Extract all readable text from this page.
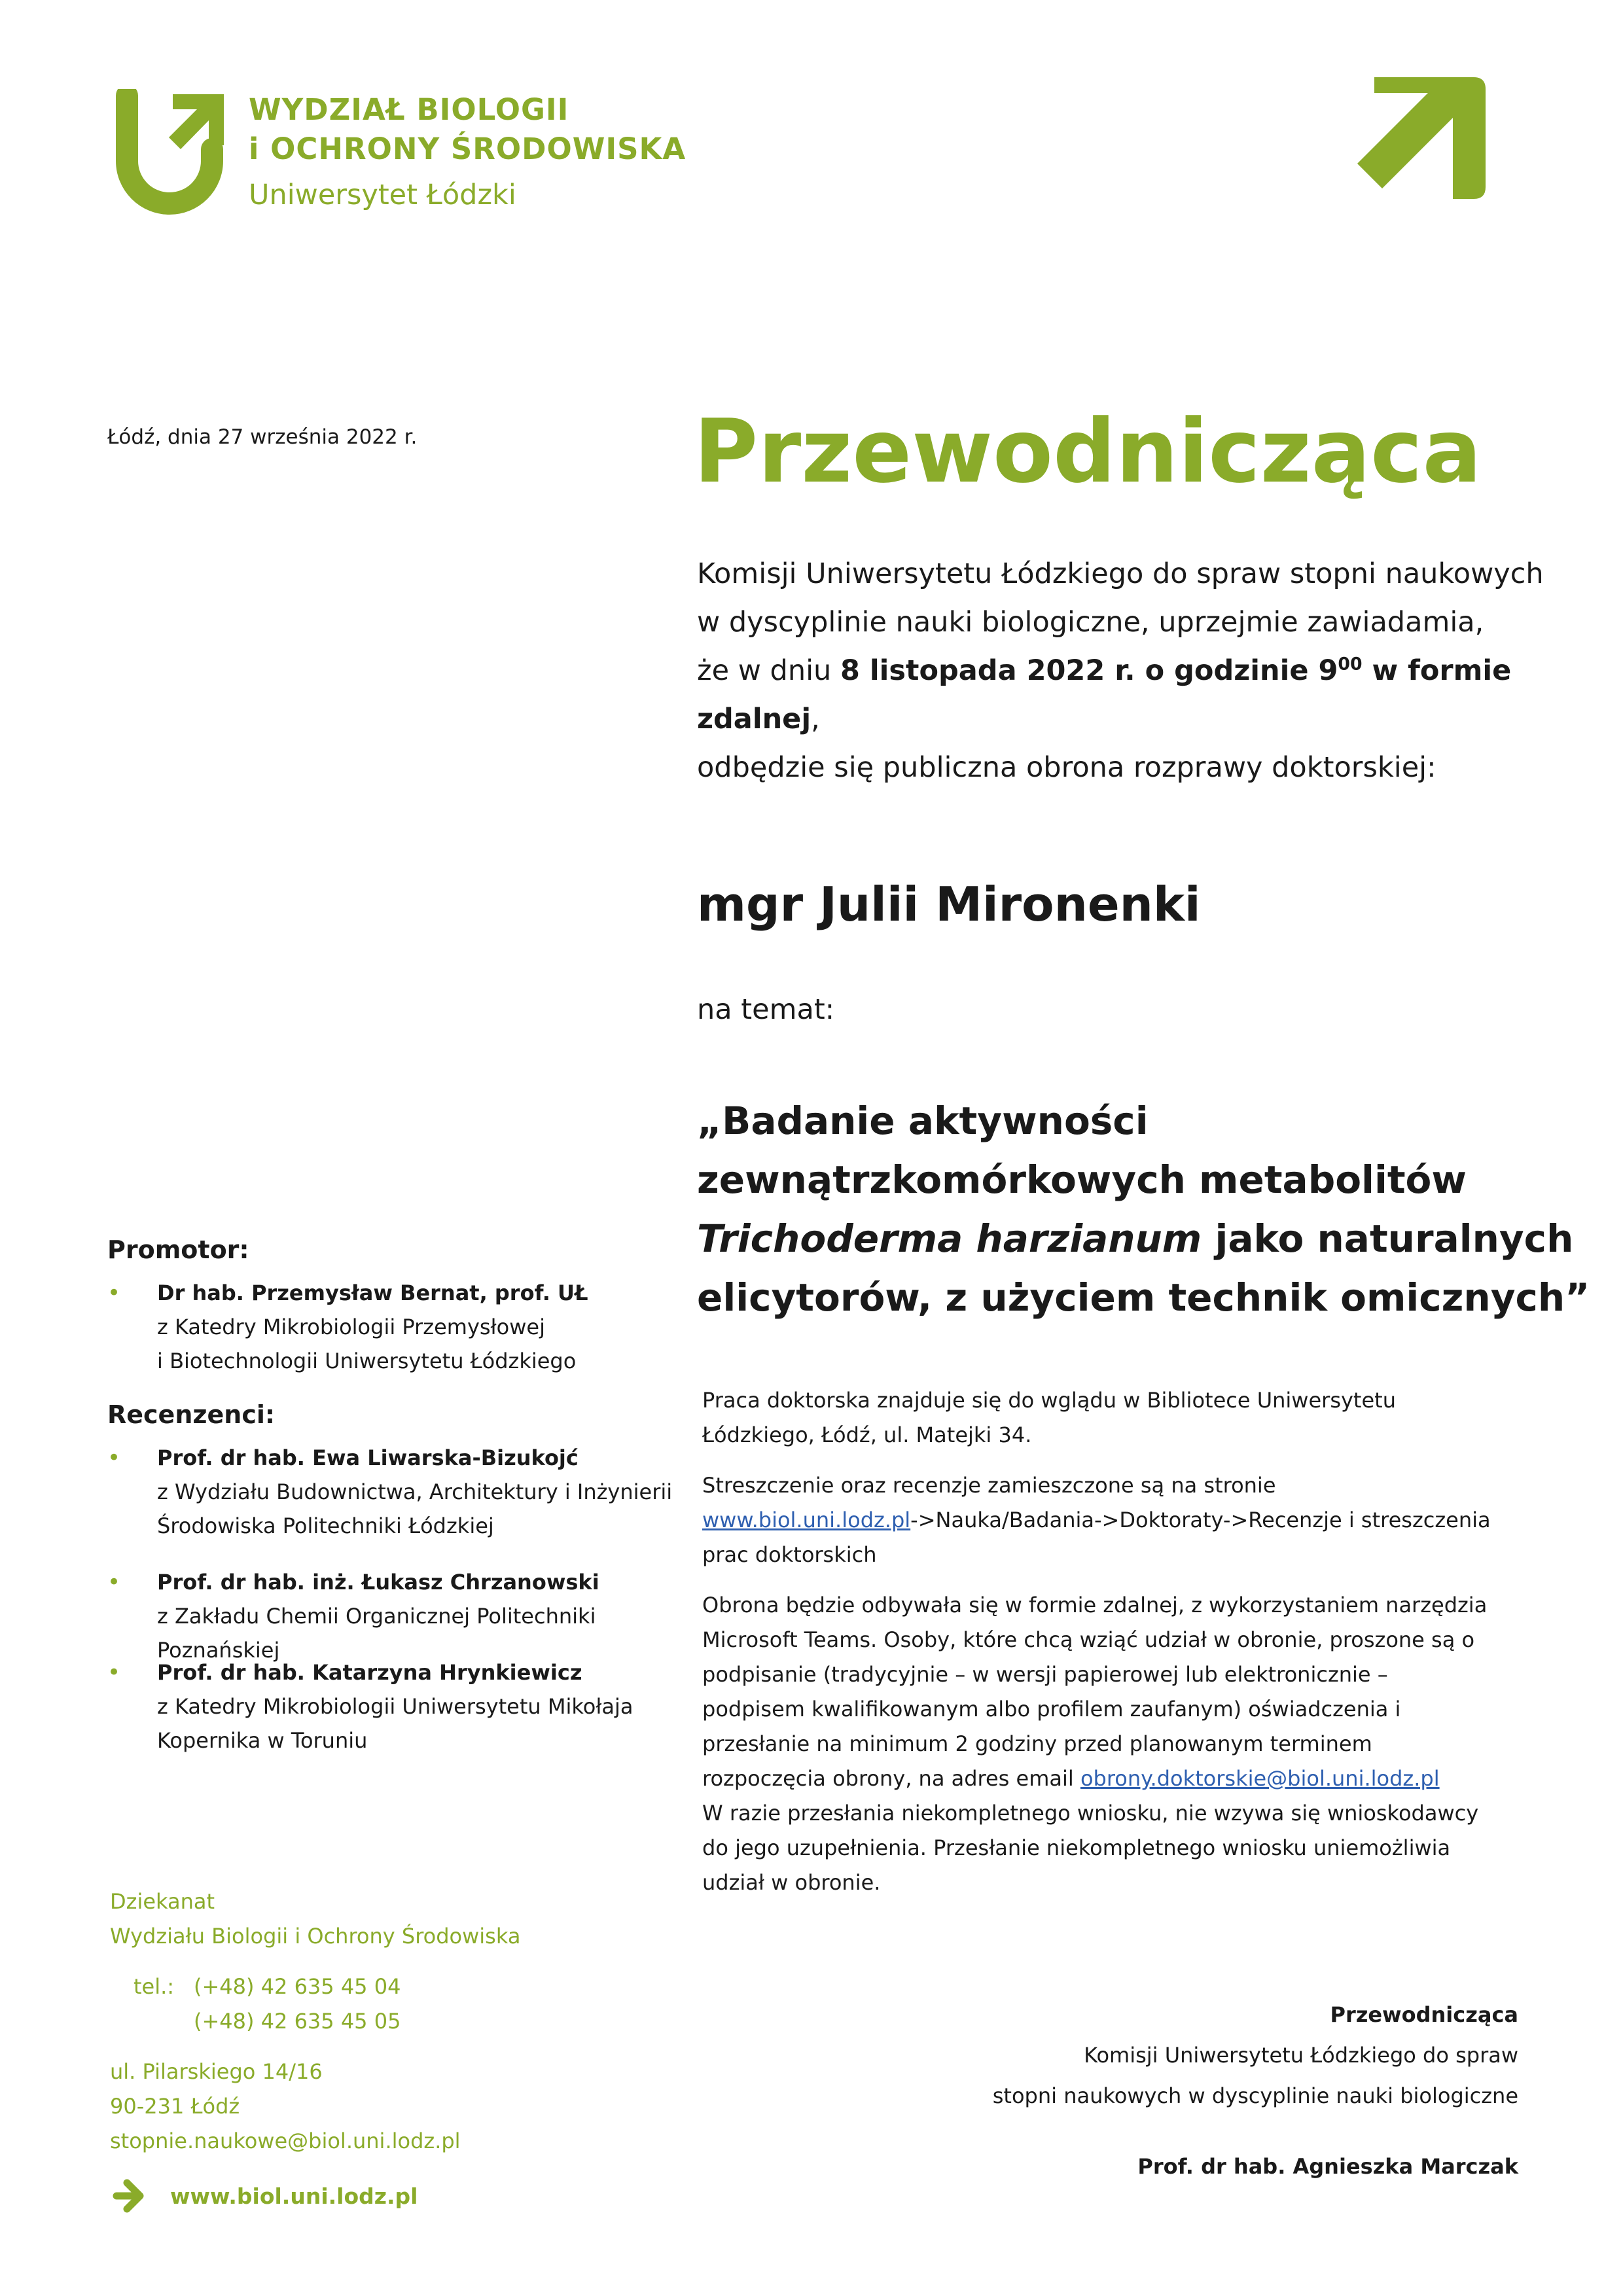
WYDZIAŁ BIOLOGII
i OCHRONY ŚRODOWISKA
Uniwersytet Łódzki
Łódź, dnia 27 września 2022 r.	Przewodnicząca

Komisji Uniwersytetu Łódzkiego do spraw stopni naukowych

w dyscyplinie nauki biologiczne, uprzejmie zawiadamia,

że w dniu 8 listopada 2022 r. o godzinie $9^{00}$ w formie zdalnej,

odbędzie się publiczna obrona rozprawy doktorskiej:

mgr Julii Mironenki
na temat:
„Badanie aktywności zewnątrzkomórkowych metabolitów Trichoderma harzianum jako naturalnych elicytorów, z użyciem technik omicznych”

Praca doktorska znajduje się do wglądu w Bibliotece Uniwersytetu Łódzkiego, Łódź, ul. Matejki 34.

Streszczenie oraz recenzje zamieszczone są na stronie www.biol.uni.lodz.pl->Nauka/Badania->Doktoraty->Recenzje i streszczenia prac doktorskich

Obrona będzie odbywała się w formie zdalnej, z wykorzystaniem narzędzia Microsoft Teams. Osoby, które chcą wziąć udział w obronie, proszone są o podpisanie (tradycyjnie – w wersji papierowej lub elektronicznie – podpisem kwalifikowanym albo profilem zaufanym) oświadczenia i przesłanie na minimum 2 godziny przed planowanym terminem rozpoczęcia obrony, na adres email obrony.doktorskie@biol.uni.lodz.pl

W razie przesłania niekompletnego wniosku, nie wzywa się wnioskodawcy do jego uzupełnienia. Przesłanie niekompletnego wniosku uniemożliwia udział w obronie.

Promotor:
•	Dr hab. Przemysław Bernat, prof. UŁ
z Katedry Mikrobiologii Przemysłowej
i Biotechnologii Uniwersytetu Łódzkiego
Recenzenci:
•	Prof. dr hab. Ewa Liwarska-Bizukojć
z Wydziału Budownictwa, Architektury i Inżynierii
Środowiska Politechniki Łódzkiej
•	Prof. dr hab. inż. Łukasz Chrzanowski
z Zakładu Chemii Organicznej Politechniki Poznańskiej
•	Prof. dr hab. Katarzyna Hrynkiewicz
z Katedry Mikrobiologii Uniwersytetu Mikołaja
Kopernika w Toruniu
Dziekanat
Wydziału Biologii i Ochrony Środowiska
tel.: (+48) 42 635 45 04
(+48) 42 635 45 05
ul. Pilarskiego 14/16
90-231 Łódź
stopnie.naukowe@biol.uni.lodz.pl
www.biol.uni.lodz.pl
Przewodnicząca
Komisji Uniwersytetu Łódzkiego do spraw
stopni naukowych w dyscyplinie nauki biologiczne
Prof. dr hab. Agnieszka Marczak
